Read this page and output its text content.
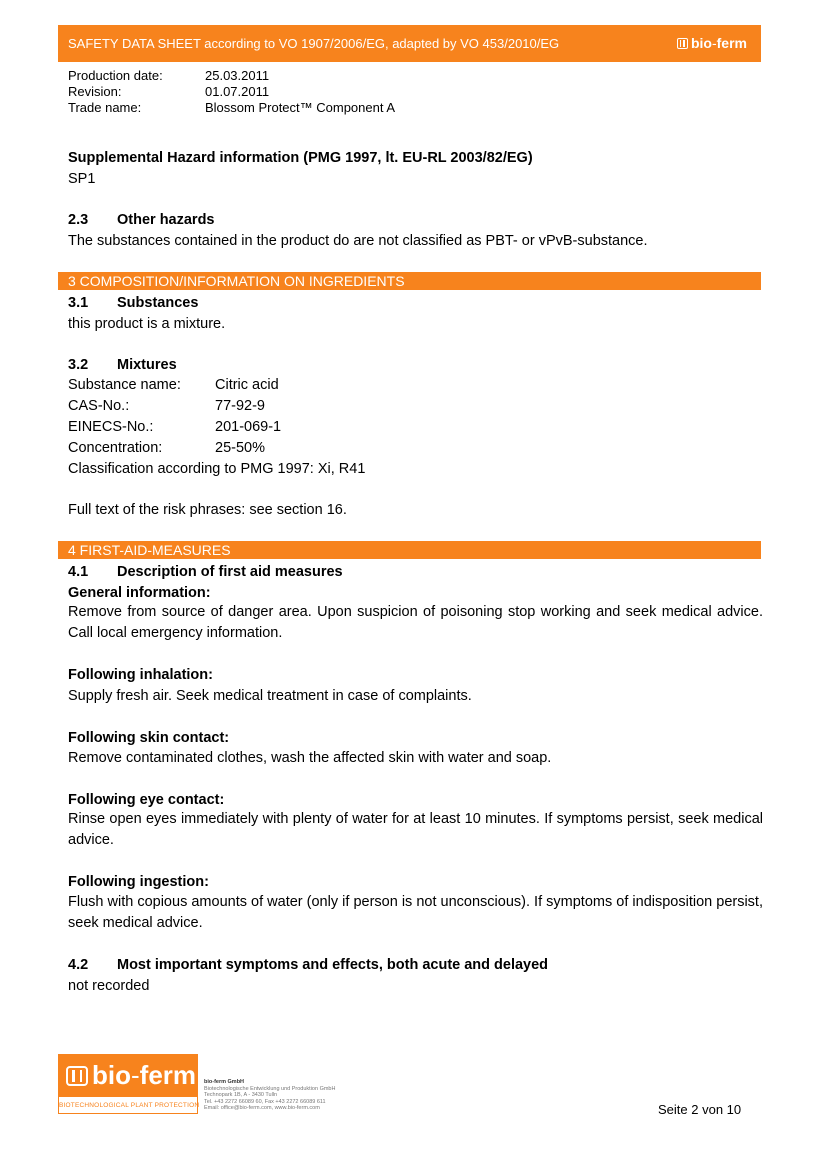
SAFETY DATA SHEET according to VO 1907/2006/EG, adapted by VO 453/2010/EG	bio - ferm
Production date:	25.03.2011
Revision:	01.07.2011
Trade name:	Blossom Protect™ Component A
Supplemental Hazard information (PMG 1997, lt. EU-RL 2003/82/EG)
SP1
2.3 Other hazards
The substances contained in the product do are not classified as PBT- or vPvB-substance.
3 COMPOSITION/INFORMATION ON INGREDIENTS
3.1 Substances
this product is a mixture.
3.2 Mixtures
Substance name:	Citric acid
CAS-No.:	77-92-9
EINECS-No.:	201-069-1
Concentration:	25-50%
Classification according to PMG 1997: Xi, R41
Full text of the risk phrases: see section 16.
4 FIRST-AID-MEASURES
4.1 Description of first aid measures
General information:
Remove from source of danger area. Upon suspicion of poisoning stop working and seek medical advice. Call local emergency information.
Following inhalation:
Supply fresh air. Seek medical treatment in case of complaints.
Following skin contact:
Remove contaminated clothes, wash the affected skin with water and soap.
Following eye contact:
Rinse open eyes immediately with plenty of water for at least 10 minutes. If symptoms persist, seek medical advice.
Following ingestion:
Flush with copious amounts of water (only if person is not unconscious). If symptoms of indisposition persist, seek medical advice.
4.2 Most important symptoms and effects, both acute and delayed
not recorded
bio - ferm
BIOTECHNOLOGICAL PLANT PROTECTION
bio-ferm GmbH
Biotechnologische Entwicklung und Produktion GmbH
Technopark 1B, A - 3430 Tulln
Tel. +43 2272 66089 60, Fax +43 2272 66089 611
Email: office@bio-ferm.com, www.bio-ferm.com	Seite 2 von 10
